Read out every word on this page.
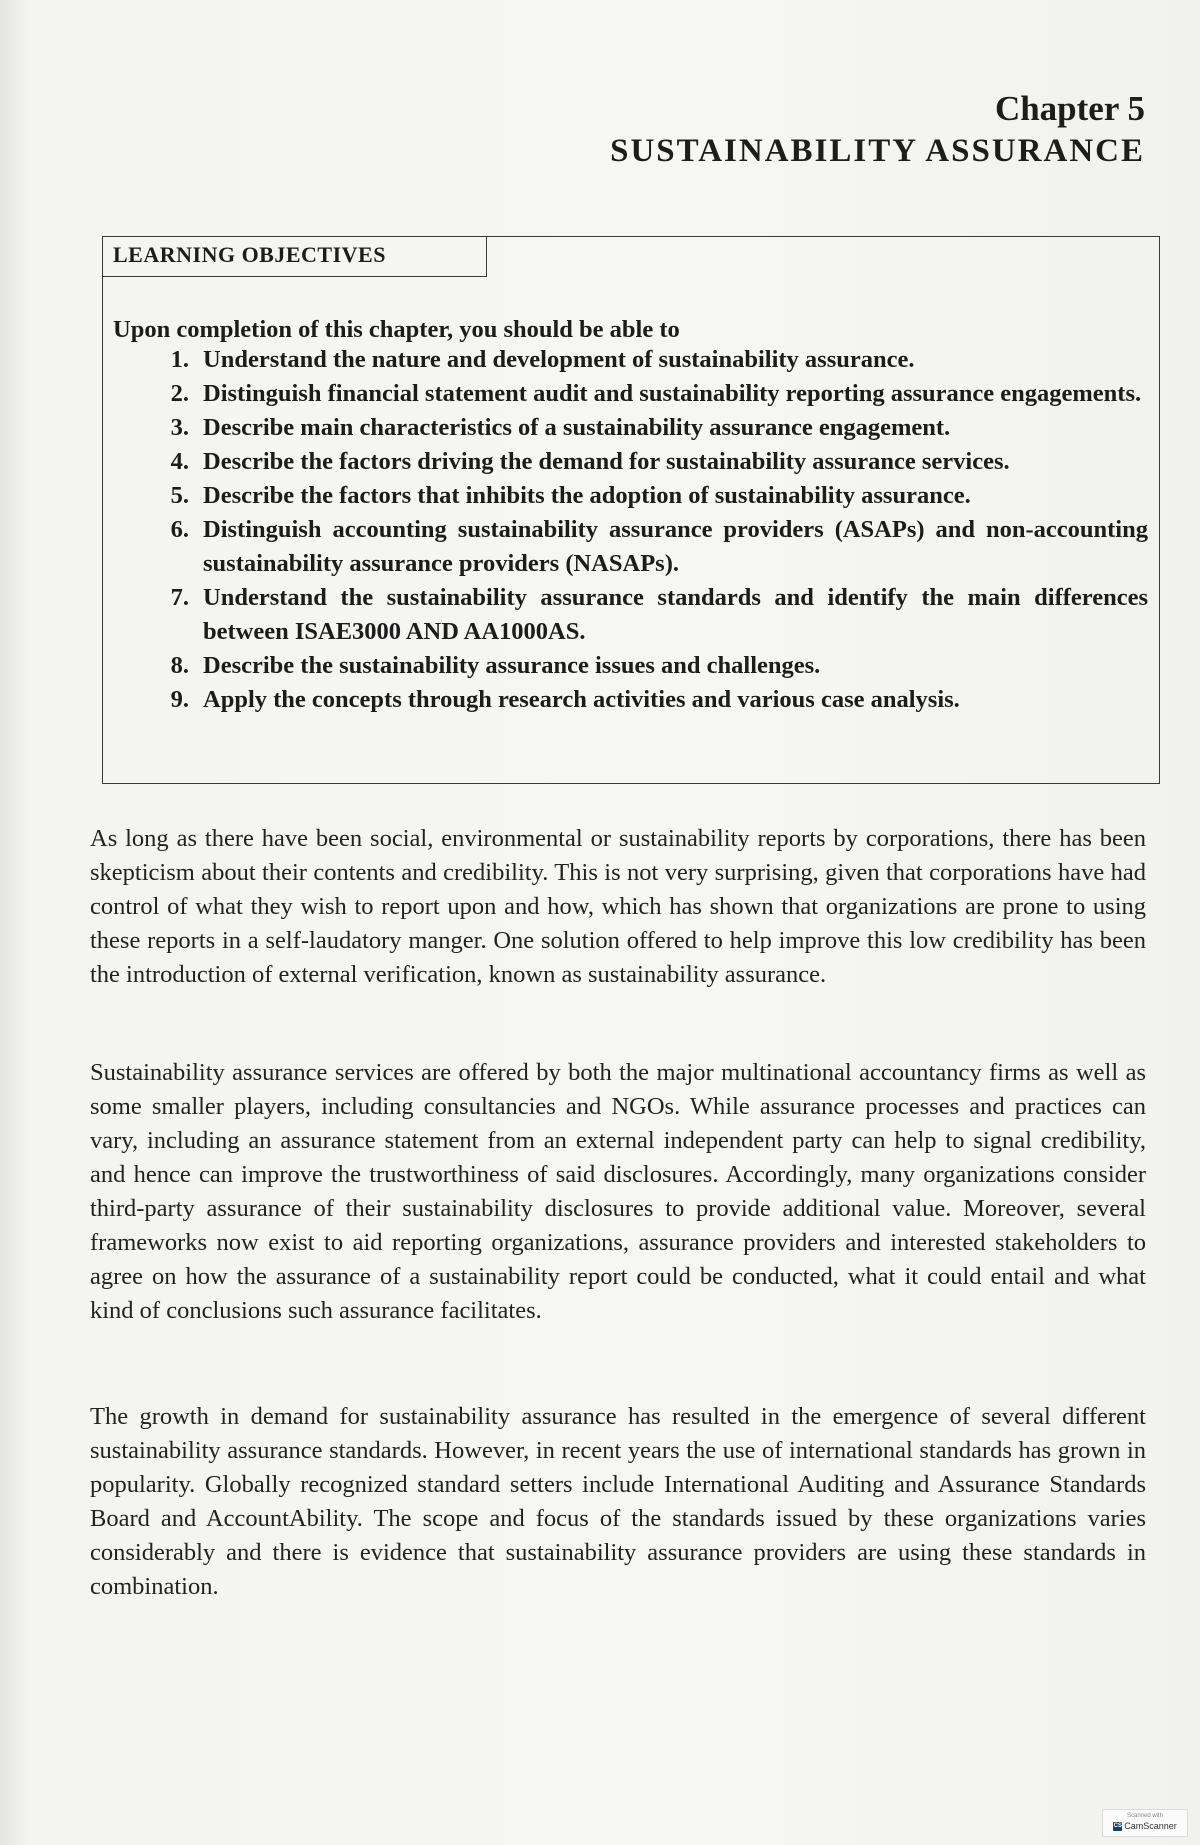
Chapter 5
SUSTAINABILITY ASSURANCE
LEARNING OBJECTIVES
Upon completion of this chapter, you should be able to
1. Understand the nature and development of sustainability assurance.
2. Distinguish financial statement audit and sustainability reporting assurance engagements.
3. Describe main characteristics of a sustainability assurance engagement.
4. Describe the factors driving the demand for sustainability assurance services.
5. Describe the factors that inhibits the adoption of sustainability assurance.
6. Distinguish accounting sustainability assurance providers (ASAPs) and non-accounting sustainability assurance providers (NASAPs).
7. Understand the sustainability assurance standards and identify the main differences between ISAE3000 AND AA1000AS.
8. Describe the sustainability assurance issues and challenges.
9. Apply the concepts through research activities and various case analysis.

As long as there have been social, environmental or sustainability reports by corporations, there has been skepticism about their contents and credibility. This is not very surprising, given that corporations have had control of what they wish to report upon and how, which has shown that organizations are prone to using these reports in a self-laudatory manger. One solution offered to help improve this low credibility has been the introduction of external verification, known as sustainability assurance.

Sustainability assurance services are offered by both the major multinational accountancy firms as well as some smaller players, including consultancies and NGOs. While assurance processes and practices can vary, including an assurance statement from an external independent party can help to signal credibility, and hence can improve the trustworthiness of said disclosures. Accordingly, many organizations consider third-party assurance of their sustainability disclosures to provide additional value. Moreover, several frameworks now exist to aid reporting organizations, assurance providers and interested stakeholders to agree on how the assurance of a sustainability report could be conducted, what it could entail and what kind of conclusions such assurance facilitates.

The growth in demand for sustainability assurance has resulted in the emergence of several different sustainability assurance standards. However, in recent years the use of international standards has grown in popularity. Globally recognized standard setters include International Auditing and Assurance Standards Board and AccountAbility. The scope and focus of the standards issued by these organizations varies considerably and there is evidence that sustainability assurance providers are using these standards in combination.

Scanned with
CS CamScanner
